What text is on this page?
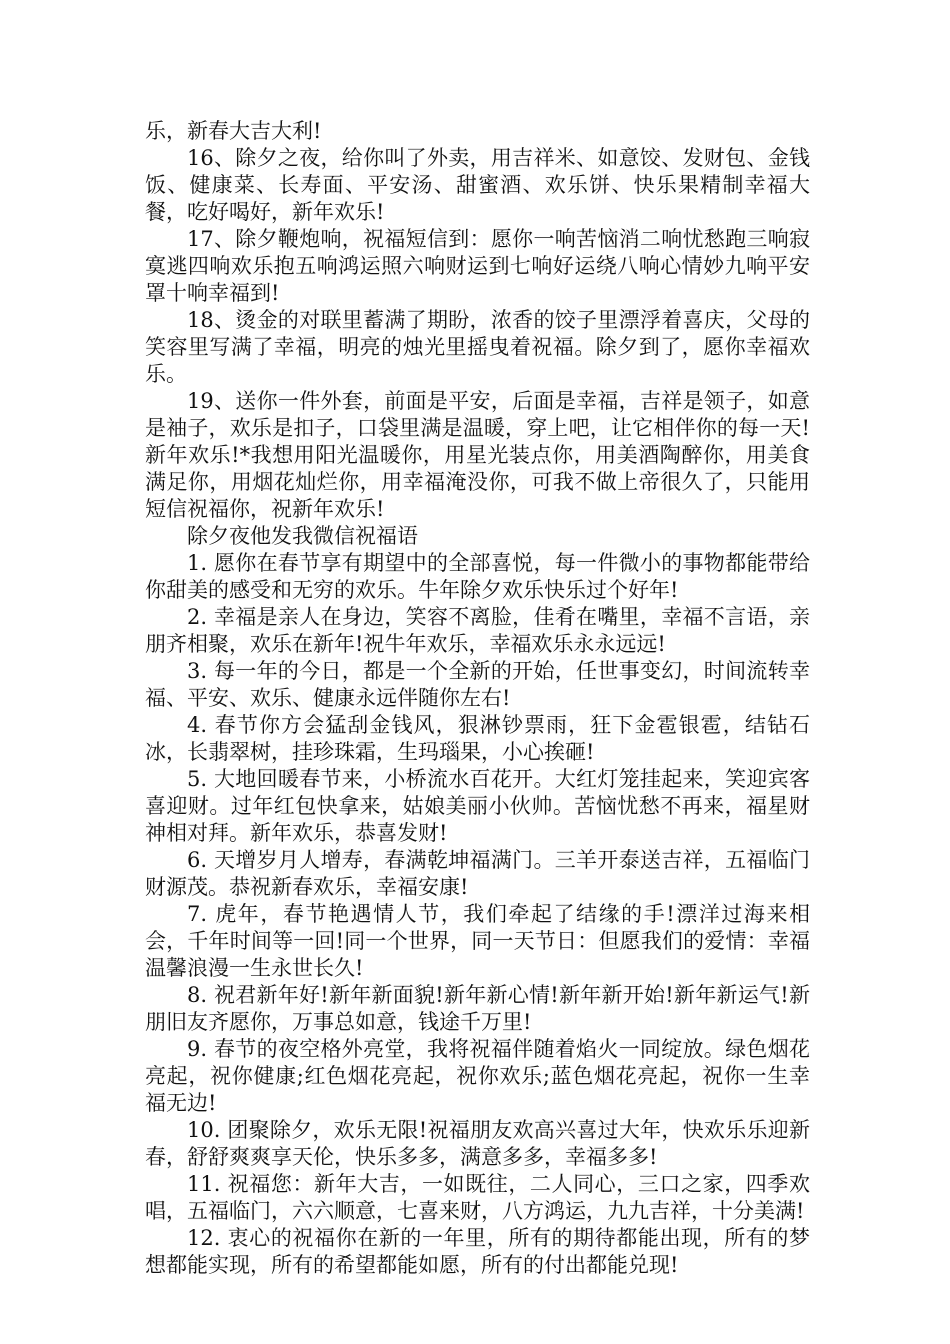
乐，新春大吉大利!

16、除夕之夜，给你叫了外卖，用吉祥米、如意饺、发财包、金钱饭、健康菜、长寿面、平安汤、甜蜜酒、欢乐饼、快乐果精制幸福大餐，吃好喝好，新年欢乐!

17、除夕鞭炮响，祝福短信到：愿你一响苦恼消二响忧愁跑三响寂寞逃四响欢乐抱五响鸿运照六响财运到七响好运绕八响心情妙九响平安罩十响幸福到!

18、烫金的对联里蓄满了期盼，浓香的饺子里漂浮着喜庆，父母的笑容里写满了幸福，明亮的烛光里摇曳着祝福。除夕到了，愿你幸福欢乐。

19、送你一件外套，前面是平安，后面是幸福，吉祥是领子，如意是袖子，欢乐是扣子，口袋里满是温暖，穿上吧，让它相伴你的每一天!新年欢乐!*我想用阳光温暖你，用星光装点你，用美酒陶醉你，用美食满足你，用烟花灿烂你，用幸福淹没你，可我不做上帝很久了，只能用短信祝福你，祝新年欢乐!

除夕夜他发我微信祝福语

1. 愿你在春节享有期望中的全部喜悦，每一件微小的事物都能带给你甜美的感受和无穷的欢乐。牛年除夕欢乐快乐过个好年!

2. 幸福是亲人在身边，笑容不离脸，佳肴在嘴里，幸福不言语，亲朋齐相聚，欢乐在新年!祝牛年欢乐，幸福欢乐永永远远!

3. 每一年的今日，都是一个全新的开始，任世事变幻，时间流转幸福、平安、欢乐、健康永远伴随你左右!

4. 春节你方会猛刮金钱风，狠淋钞票雨，狂下金雹银雹，结钻石冰，长翡翠树，挂珍珠霜，生玛瑙果，小心挨砸!

5. 大地回暖春节来，小桥流水百花开。大红灯笼挂起来，笑迎宾客喜迎财。过年红包快拿来，姑娘美丽小伙帅。苦恼忧愁不再来，福星财神相对拜。新年欢乐，恭喜发财!

6. 天增岁月人增寿，春满乾坤福满门。三羊开泰送吉祥，五福临门财源茂。恭祝新春欢乐，幸福安康!

7. 虎年，春节艳遇情人节，我们牵起了结缘的手!漂洋过海来相会，千年时间等一回!同一个世界，同一天节日：但愿我们的爱情：幸福温馨浪漫一生永世长久!

8. 祝君新年好!新年新面貌!新年新心情!新年新开始!新年新运气!新朋旧友齐愿你，万事总如意，钱途千万里!

9. 春节的夜空格外亮堂，我将祝福伴随着焰火一同绽放。绿色烟花亮起，祝你健康;红色烟花亮起，祝你欢乐;蓝色烟花亮起，祝你一生幸福无边!

10. 团聚除夕，欢乐无限!祝福朋友欢高兴喜过大年，快欢乐乐迎新春，舒舒爽爽享天伦，快乐多多，满意多多，幸福多多!

11. 祝福您：新年大吉，一如既往，二人同心，三口之家，四季欢唱，五福临门，六六顺意，七喜来财，八方鸿运，九九吉祥，十分美满!

12. 衷心的祝福你在新的一年里，所有的期待都能出现，所有的梦想都能实现，所有的希望都能如愿，所有的付出都能兑现!
